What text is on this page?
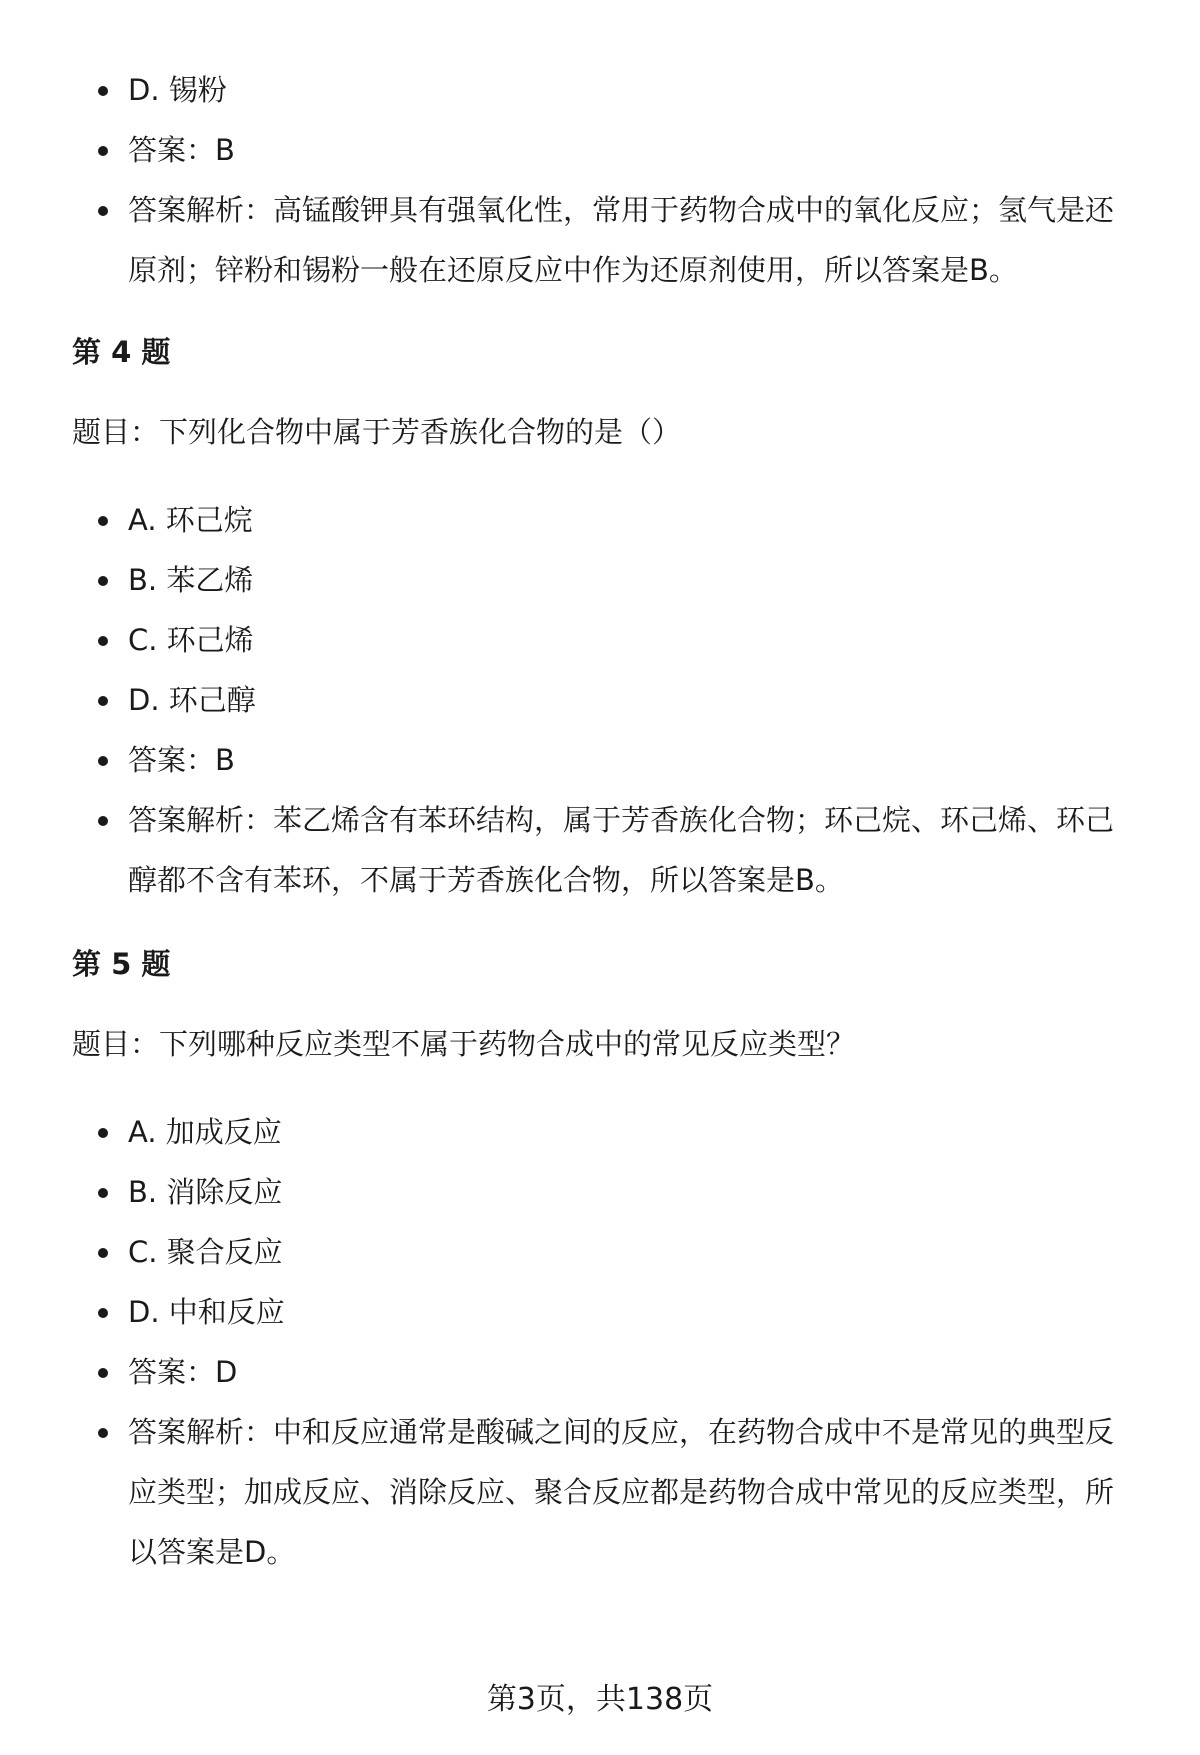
D. 锡粉
答案：B
答案解析：高锰酸钾具有强氧化性，常用于药物合成中的氧化反应；氢气是还原剂；锌粉和锡粉一般在还原反应中作为还原剂使用，所以答案是B。

第 4 题

题目：下列化合物中属于芳香族化合物的是（）

A. 环己烷
B. 苯乙烯
C. 环己烯
D. 环己醇
答案：B
答案解析：苯乙烯含有苯环结构，属于芳香族化合物；环己烷、环己烯、环己醇都不含有苯环，不属于芳香族化合物，所以答案是B。

第 5 题

题目：下列哪种反应类型不属于药物合成中的常见反应类型？

A. 加成反应
B. 消除反应
C. 聚合反应
D. 中和反应
答案：D
答案解析：中和反应通常是酸碱之间的反应，在药物合成中不是常见的典型反应类型；加成反应、消除反应、聚合反应都是药物合成中常见的反应类型，所以答案是D。
第3页，共138页
